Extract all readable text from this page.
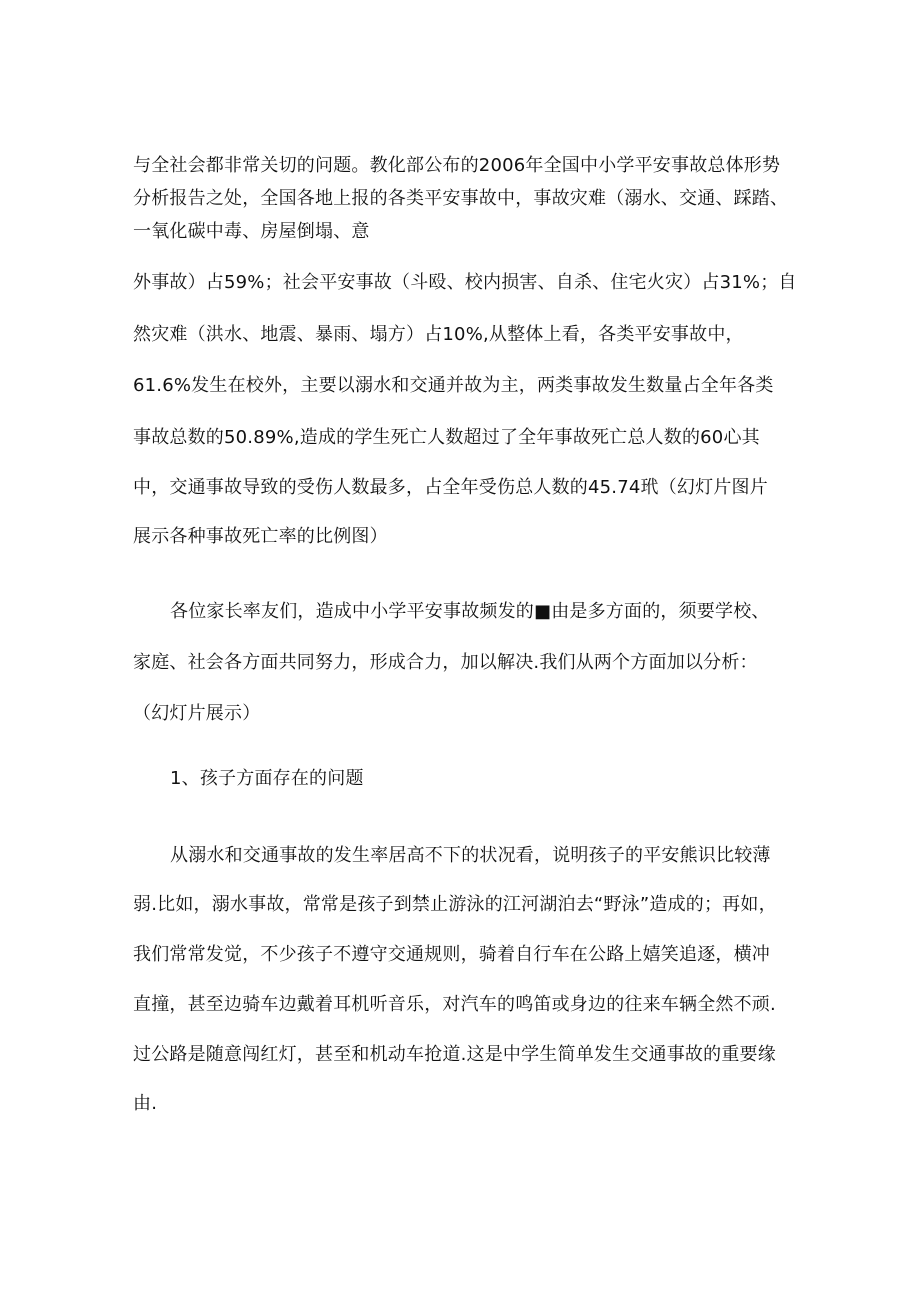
与全社会都非常关切的问题。教化部公布的2006年全国中小学平安事故总体形势
分析报告之处，全国各地上报的各类平安事故中，事故灾难（溺水、交通、踩踏、
一氧化碳中毒、房屋倒塌、意
外事故）占59%；社会平安事故（斗殴、校内损害、自杀、住宅火灾）占31%；自
然灾难（洪水、地震、暴雨、塌方）占10%,从整体上看，各类平安事故中，
61.6%发生在校外，主要以溺水和交通并故为主，两类事故发生数量占全年各类
事故总数的50.89%,造成的学生死亡人数超过了全年事故死亡总人数的60心其
中，交通事故导致的受伤人数最多，占全年受伤总人数的45.74玳（幻灯片图片
展示各种事故死亡率的比例图）
各位家长率友们，造成中小学平安事故频发的■由是多方面的，须要学校、
家庭、社会各方面共同努力，形成合力，加以解决.我们从两个方面加以分析：
（幻灯片展示）
1、孩子方面存在的问题
从溺水和交通事故的发生率居高不下的状况看，说明孩子的平安熊识比较薄
弱.比如，溺水事故，常常是孩子到禁止游泳的江河湖泊去“野泳”造成的；再如，
我们常常发觉，不少孩子不遵守交通规则，骑着自行车在公路上嬉笑追逐，横冲
直撞，甚至边骑车边戴着耳机听音乐，对汽车的鸣笛或身边的往来车辆全然不顽.
过公路是随意闯红灯，甚至和机动车抢道.这是中学生简单发生交通事故的重要缘
由.
